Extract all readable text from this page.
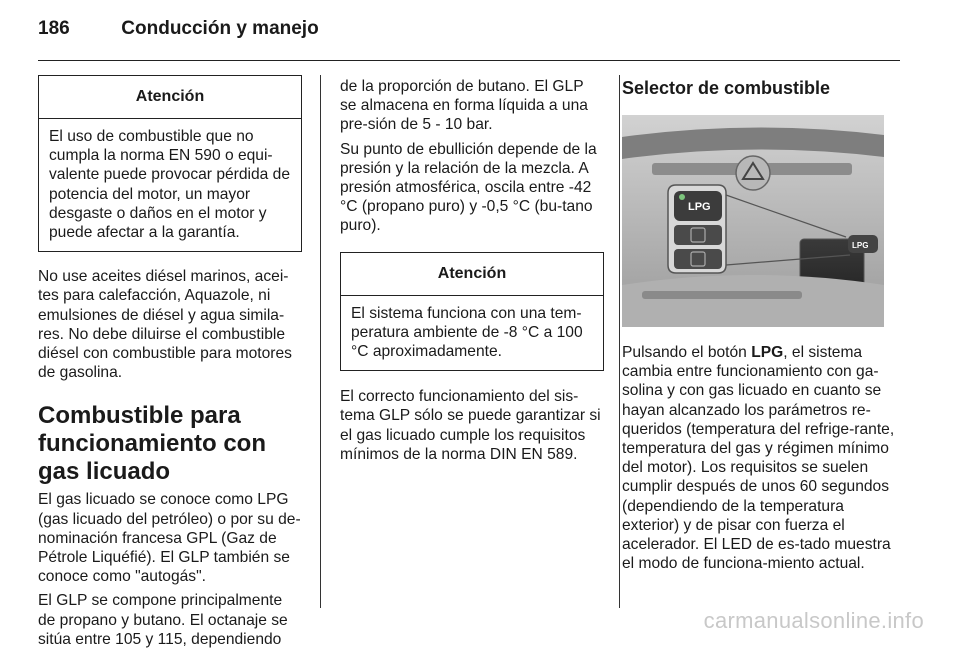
186	Conducción y manejo
Atención
El uso de combustible que no cumpla la norma EN 590 o equi-valente puede provocar pérdida de potencia del motor, un mayor desgaste o daños en el motor y puede afectar a la garantía.

No use aceites diésel marinos, acei-tes para calefacción, Aquazole, ni emulsiones de diésel y agua simila-res. No debe diluirse el combustible diésel con combustible para motores de gasolina.

Combustible para funcionamiento con gas licuado

El gas licuado se conoce como LPG (gas licuado del petróleo) o por su de-nominación francesa GPL (Gaz de Pétrole Liquéfié). El GLP también se conoce como "autogás".

El GLP se compone principalmente de propano y butano. El octanaje se sitúa entre 105 y 115, dependiendo

de la proporción de butano. El GLP se almacena en forma líquida a una pre-sión de 5 - 10 bar.

Su punto de ebullición depende de la presión y la relación de la mezcla. A presión atmosférica, oscila entre -42 °C (propano puro) y -0,5 °C (bu-tano puro).

Atención
El sistema funciona con una tem-peratura ambiente de -8 °C a 100 °C aproximadamente.

El correcto funcionamiento del sis-tema GLP sólo se puede garantizar si el gas licuado cumple los requisitos mínimos de la norma DIN EN 589.

Selector de combustible
LPG
LPG

Pulsando el botón LPG, el sistema cambia entre funcionamiento con ga-solina y con gas licuado en cuanto se hayan alcanzado los parámetros re-queridos (temperatura del refrige-rante, temperatura del gas y régimen mínimo del motor). Los requisitos se suelen cumplir después de unos 60 segundos (dependiendo de la temperatura exterior) y de pisar con fuerza el acelerador. El LED de es-tado muestra el modo de funciona-miento actual.

carmanualsonline.info
